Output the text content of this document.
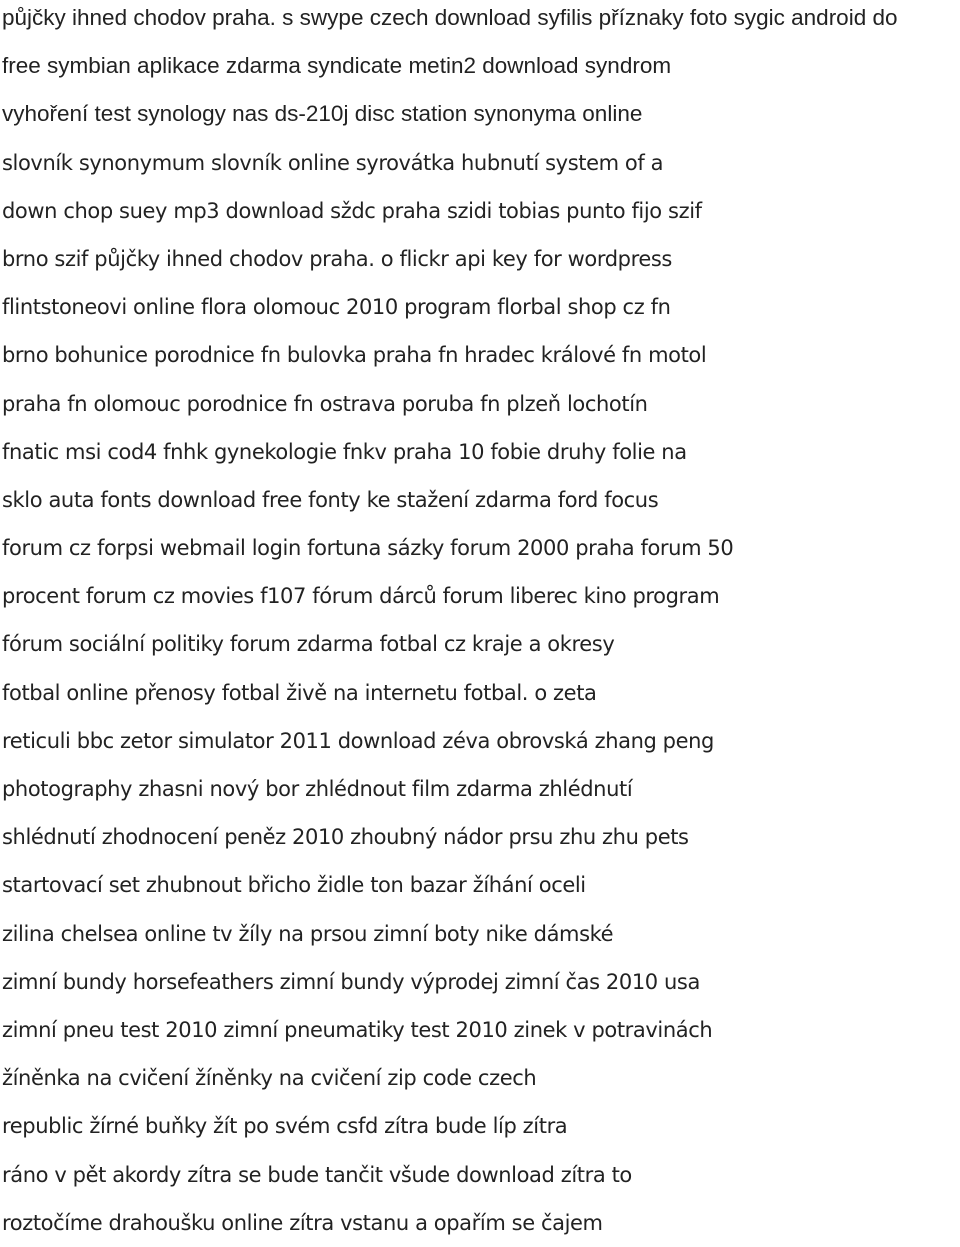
půjčky ihned chodov praha. s swype czech download syfilis příznaky foto sygic android do
free symbian aplikace zdarma syndicate metin2 download syndrom
vyhoření test synology nas ds-210j disc station synonyma online
slovník synonymum slovník online syrovátka hubnutí system of a
down chop suey mp3 download sždc praha szidi tobias punto fijo szif
brno szif půjčky ihned chodov praha. o flickr api key for wordpress
flintstoneovi online flora olomouc 2010 program florbal shop cz fn
brno bohunice porodnice fn bulovka praha fn hradec králové fn motol
praha fn olomouc porodnice fn ostrava poruba fn plzeň lochotín
fnatic msi cod4 fnhk gynekologie fnkv praha 10 fobie druhy folie na
sklo auta fonts download free fonty ke stažení zdarma ford focus
forum cz forpsi webmail login fortuna sázky forum 2000 praha forum 50
procent forum cz movies f107 fórum dárců forum liberec kino program
fórum sociální politiky forum zdarma fotbal cz kraje a okresy
fotbal online přenosy fotbal živě na internetu fotbal. o zeta
reticuli bbc zetor simulator 2011 download zéva obrovská zhang peng
photography zhasni nový bor zhlédnout film zdarma zhlédnutí
shlédnutí zhodnocení peněz 2010 zhoubný nádor prsu zhu zhu pets
startovací set zhubnout břicho židle ton bazar žíhání oceli
zilina chelsea online tv žíly na prsou zimní boty nike dámské
zimní bundy horsefeathers zimní bundy výprodej zimní čas 2010 usa
zimní pneu test 2010 zimní pneumatiky test 2010 zinek v potravinách
žíněnka na cvičení žíněnky na cvičení zip code czech
republic žírné buňky žít po svém csfd zítra bude líp zítra
ráno v pět akordy zítra se bude tančit všude download zítra to
roztočíme drahoušku online zítra vstanu a opařím se čajem
